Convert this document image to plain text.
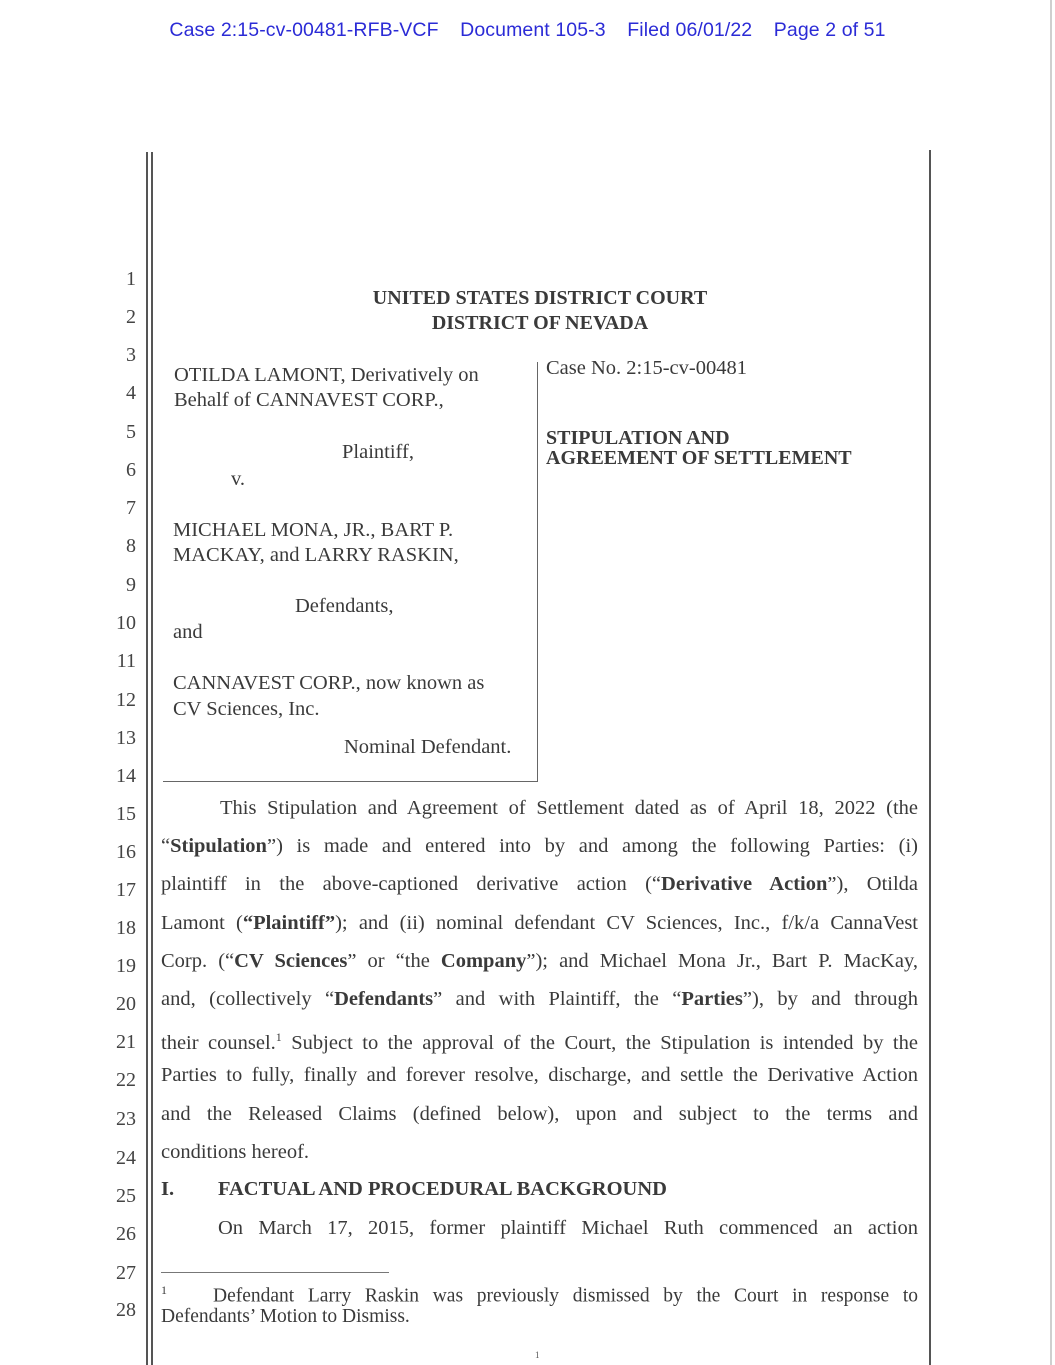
Case 2:15-cv-00481-RFB-VCF Document 105-3 Filed 06/01/22 Page 2 of 51
1
2
3
4
5
6
7
8
9
10
11
12
13
14
15
16
17
18
19
20
21
22
23
24
25
26
27
28
UNITED STATES DISTRICT COURT
DISTRICT OF NEVADA
OTILDA LAMONT, Derivatively on
Behalf of CANNAVEST CORP.,
Plaintiff,
v.
MICHAEL MONA, JR., BART P.
MACKAY, and LARRY RASKIN,
Defendants,
and
CANNAVEST CORP., now known as
CV Sciences, Inc.
Nominal Defendant.
Case No. 2:15-cv-00481
STIPULATION AND
AGREEMENT OF SETTLEMENT
This Stipulation and Agreement of Settlement dated as of April 18, 2022 (the
“Stipulation”) is made and entered into by and among the following Parties: (i)
plaintiff in the above-captioned derivative action (“Derivative Action”), Otilda
Lamont (“Plaintiff”); and (ii) nominal defendant CV Sciences, Inc., f/k/a CannaVest
Corp. (“CV Sciences” or “the Company”); and Michael Mona Jr., Bart P. MacKay,
and, (collectively “Defendants” and with Plaintiff, the “Parties”), by and through
their counsel.$^1$ Subject to the approval of the Court, the Stipulation is intended by the
Parties to fully, finally and forever resolve, discharge, and settle the Derivative Action
and the Released Claims (defined below), upon and subject to the terms and
conditions hereof.
I. FACTUAL AND PROCEDURAL BACKGROUND
On March 17, 2015, former plaintiff Michael Ruth commenced an action
$^1$ Defendant Larry Raskin was previously dismissed by the Court in response to
Defendants’ Motion to Dismiss.
1
